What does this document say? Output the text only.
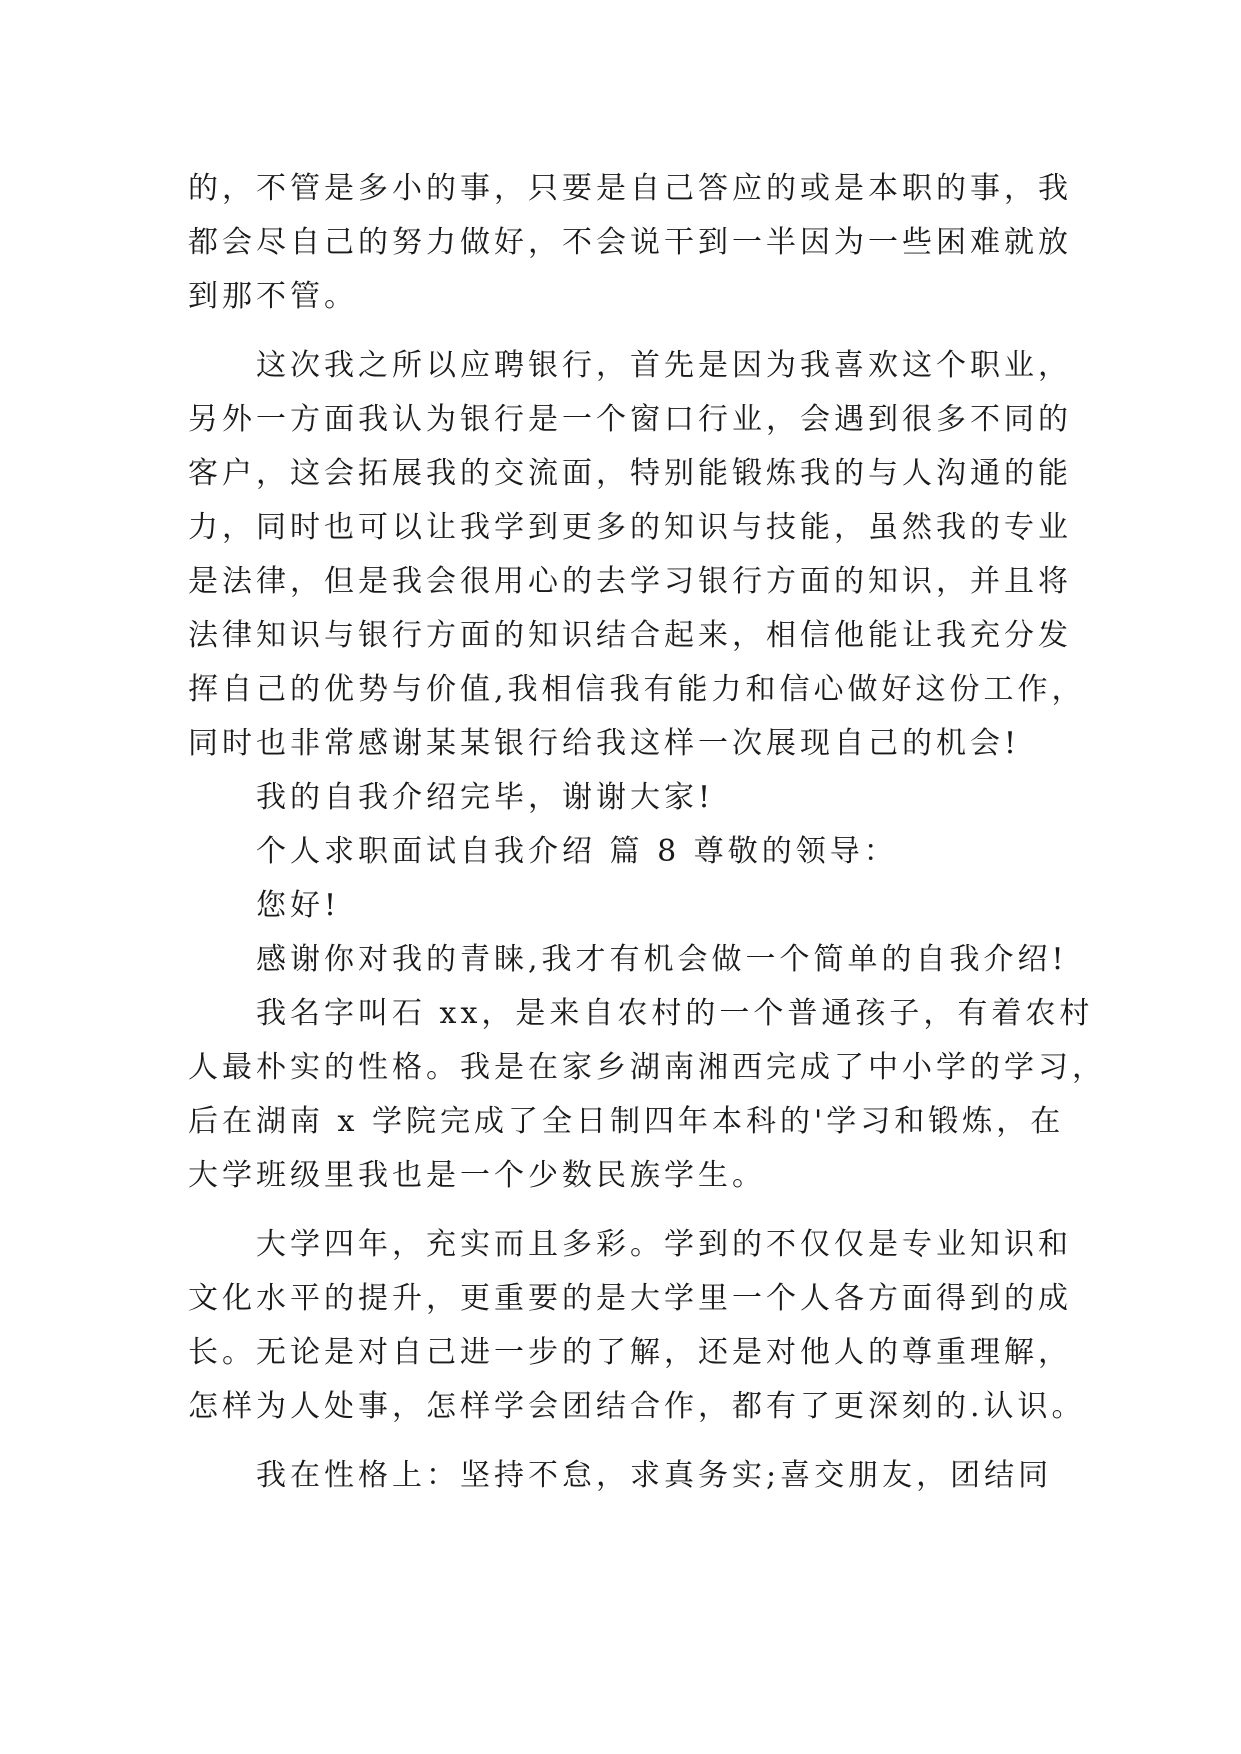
的，不管是多小的事，只要是自己答应的或是本职的事，我
都会尽自己的努力做好，不会说干到一半因为一些困难就放
到那不管。
这次我之所以应聘银行，首先是因为我喜欢这个职业，
另外一方面我认为银行是一个窗口行业，会遇到很多不同的
客户，这会拓展我的交流面，特别能锻炼我的与人沟通的能
力，同时也可以让我学到更多的知识与技能，虽然我的专业
是法律，但是我会很用心的去学习银行方面的知识，并且将
法律知识与银行方面的知识结合起来，相信他能让我充分发
挥自己的优势与价值,我相信我有能力和信心做好这份工作，
同时也非常感谢某某银行给我这样一次展现自己的机会!
我的自我介绍完毕，谢谢大家!
个人求职面试自我介绍 篇 8 尊敬的领导：
您好!
感谢你对我的青睐,我才有机会做一个简单的自我介绍!
我名字叫石 xx，是来自农村的一个普通孩子，有着农村
人最朴实的性格。我是在家乡湖南湘西完成了中小学的学习，
后在湖南 x 学院完成了全日制四年本科的'学习和锻炼，在
大学班级里我也是一个少数民族学生。
大学四年，充实而且多彩。学到的不仅仅是专业知识和
文化水平的提升，更重要的是大学里一个人各方面得到的成
长。无论是对自己进一步的了解，还是对他人的尊重理解，
怎样为人处事，怎样学会团结合作，都有了更深刻的.认识。
我在性格上：坚持不怠，求真务实;喜交朋友，团结同
